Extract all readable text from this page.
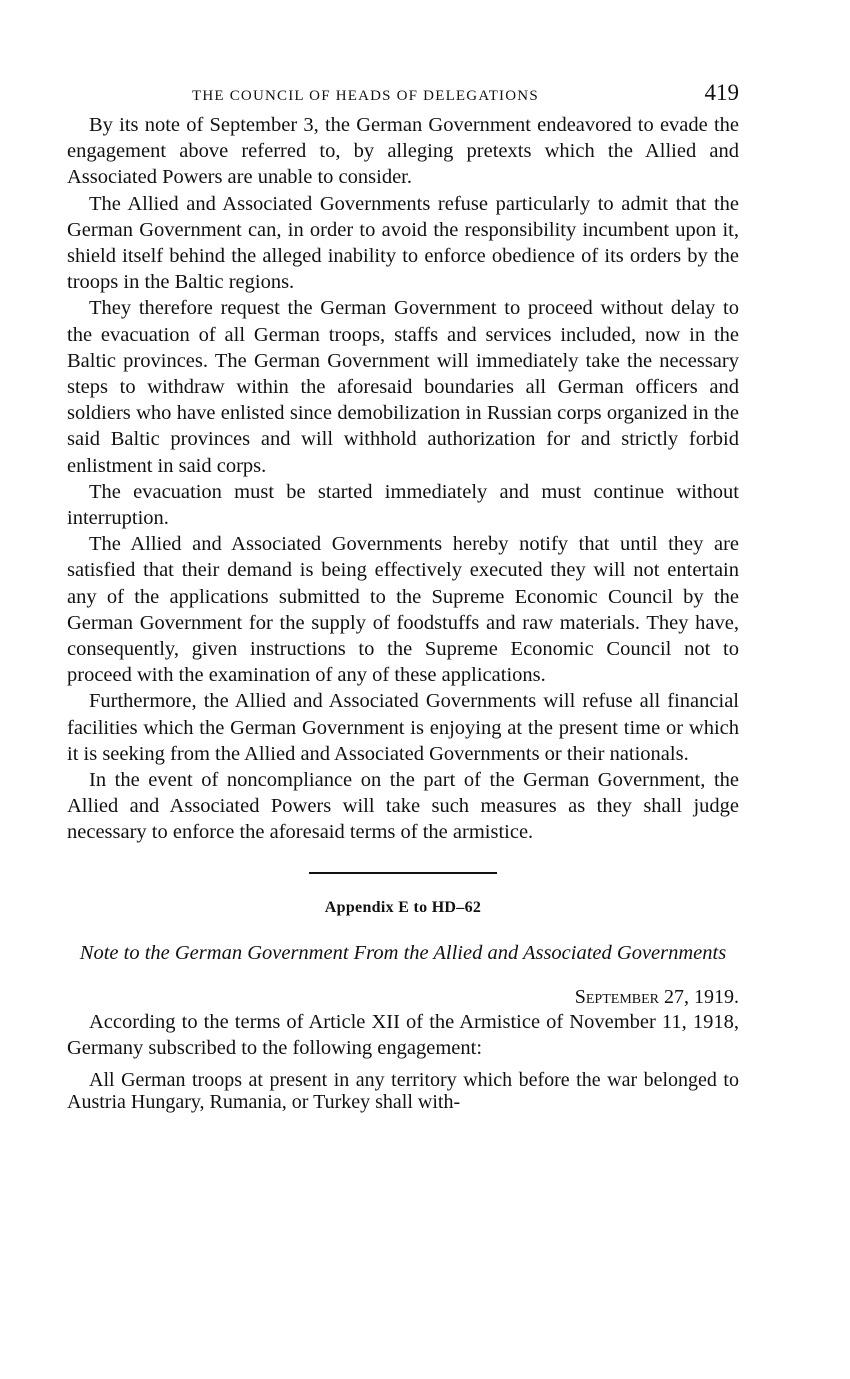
THE COUNCIL OF HEADS OF DELEGATIONS	419

By its note of September 3, the German Government endeavored to evade the engagement above referred to, by alleging pretexts which the Allied and Associated Powers are unable to consider.

The Allied and Associated Governments refuse particularly to admit that the German Government can, in order to avoid the responsibility incumbent upon it, shield itself behind the alleged inability to enforce obedience of its orders by the troops in the Baltic regions.

They therefore request the German Government to proceed without delay to the evacuation of all German troops, staffs and services included, now in the Baltic provinces. The German Government will immediately take the necessary steps to withdraw within the aforesaid boundaries all German officers and soldiers who have enlisted since demobilization in Russian corps organized in the said Baltic provinces and will withhold authorization for and strictly forbid enlistment in said corps.

The evacuation must be started immediately and must continue without interruption.

The Allied and Associated Governments hereby notify that until they are satisfied that their demand is being effectively executed they will not entertain any of the applications submitted to the Supreme Economic Council by the German Government for the supply of foodstuffs and raw materials. They have, consequently, given instructions to the Supreme Economic Council not to proceed with the examination of any of these applications.

Furthermore, the Allied and Associated Governments will refuse all financial facilities which the German Government is enjoying at the present time or which it is seeking from the Allied and Associated Governments or their nationals.

In the event of noncompliance on the part of the German Government, the Allied and Associated Powers will take such measures as they shall judge necessary to enforce the aforesaid terms of the armistice.

Appendix E to HD–62
Note to the German Government From the Allied and Associated Governments
September 27, 1919.

According to the terms of Article XII of the Armistice of November 11, 1918, Germany subscribed to the following engagement:

All German troops at present in any territory which before the war belonged to Austria Hungary, Rumania, or Turkey shall with-
